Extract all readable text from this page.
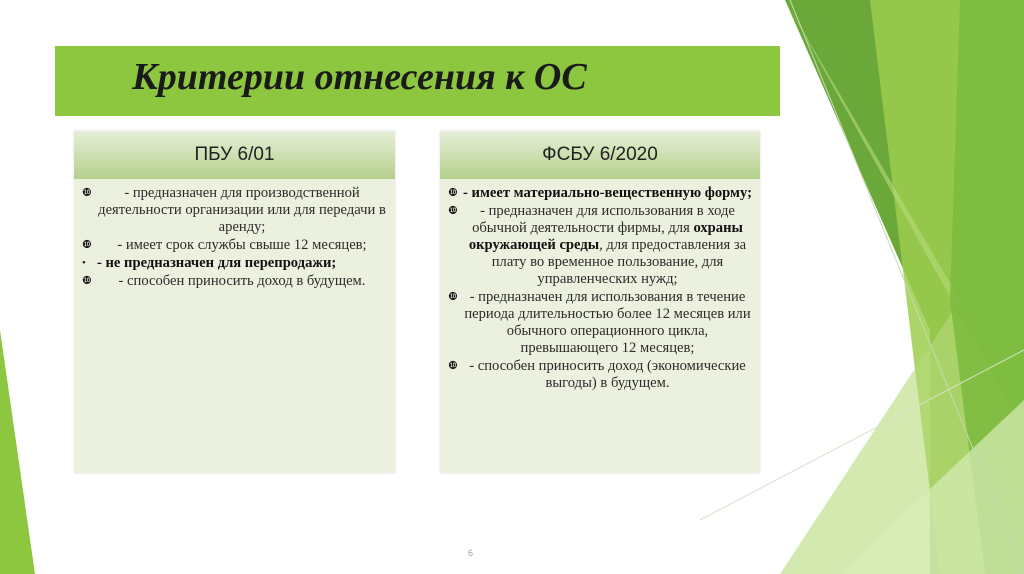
Критерии отнесения к ОС
ПБУ 6/01
❿	- предназначен для производственной деятельности организации или для передачи в аренду;
❿	- имеет срок службы свыше 12 месяцев;
• - не предназначен для перепродажи;
❿	- способен приносить доход в будущем.
ФСБУ 6/2020
❿ - имеет материально-вещественную форму;
❿	- предназначен для использования в ходе обычной деятельности фирмы, для охраны окружающей среды, для предоставления за плату во временное пользование, для управленческих нужд;
❿ - предназначен для использования в течение периода длительностью более 12 месяцев или обычного операционного цикла, превышающего 12 месяцев;
❿ - способен приносить доход (экономические выгоды) в будущем.
6
